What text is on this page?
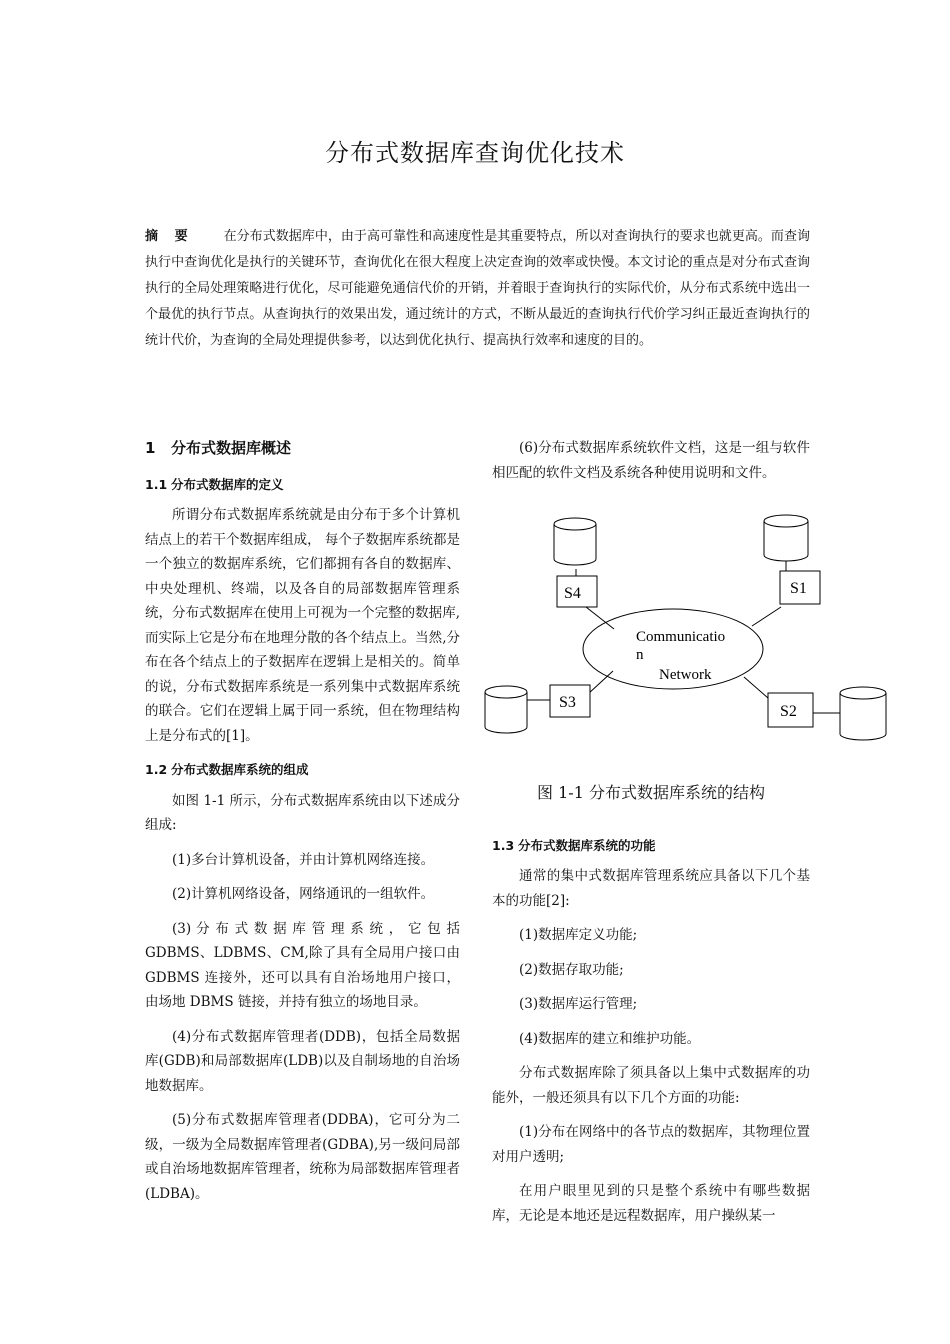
分布式数据库查询优化技术
摘 要 在分布式数据库中，由于高可靠性和高速度性是其重要特点，所以对查询执行的要求也就更高。而查询执行中查询优化是执行的关键环节，查询优化在很大程度上决定查询的效率或快慢。本文讨论的重点是对分布式查询执行的全局处理策略进行优化，尽可能避免通信代价的开销，并着眼于查询执行的实际代价，从分布式系统中选出一个最优的执行节点。从查询执行的效果出发，通过统计的方式，不断从最近的查询执行代价学习纠正最近查询执行的统计代价，为查询的全局处理提供参考，以达到优化执行、提高执行效率和速度的目的。
1 分布式数据库概述
1.1 分布式数据库的定义

所谓分布式数据库系统就是由分布于多个计算机结点上的若干个数据库组成， 每个子数据库系统都是一个独立的数据库系统，它们都拥有各自的数据库、中央处理机、终端，以及各自的局部数据库管理系统，分布式数据库在使用上可视为一个完整的数据库,而实际上它是分布在地理分散的各个结点上。当然,分布在各个结点上的子数据库在逻辑上是相关的。简单的说，分布式数据库系统是一系列集中式数据库系统的联合。它们在逻辑上属于同一系统，但在物理结构上是分布式的[1]。

1.2 分布式数据库系统的组成

如图 1-1 所示，分布式数据库系统由以下述成分组成:

(1)多台计算机设备，并由计算机网络连接。

(2)计算机网络设备，网络通讯的一组软件。

(3) 分 布 式 数 据 库 管 理 系 统 ， 它 包 括 GDBMS、LDBMS、CM,除了具有全局用户接口由 GDBMS 连接外，还可以具有自治场地用户接口，由场地 DBMS 链接，并持有独立的场地目录。

(4)分布式数据库管理者(DDB)，包括全局数据库(GDB)和局部数据库(LDB)以及自制场地的自治场地数据库。

(5)分布式数据库管理者(DDBA)，它可分为二级，一级为全局数据库管理者(GDBA),另一级问局部或自治场地数据库管理者，统称为局部数据库管理者(LDBA)。

(6)分布式数据库系统软件文档，这是一组与软件相匹配的软件文档及系统各种使用说明和文件。

S4	S1
S3
S2
Communicatio
n
Network
图 1-1 分布式数据库系统的结构
1.3 分布式数据库系统的功能

通常的集中式数据库管理系统应具备以下几个基本的功能[2]:

(1)数据库定义功能;

(2)数据存取功能;

(3)数据库运行管理;

(4)数据库的建立和维护功能。

分布式数据库除了须具备以上集中式数据库的功能外，一般还须具有以下几个方面的功能:

(1)分布在网络中的各节点的数据库，其物理位置对用户透明;

在用户眼里见到的只是整个系统中有哪些数据库，无论是本地还是远程数据库，用户操纵某一
